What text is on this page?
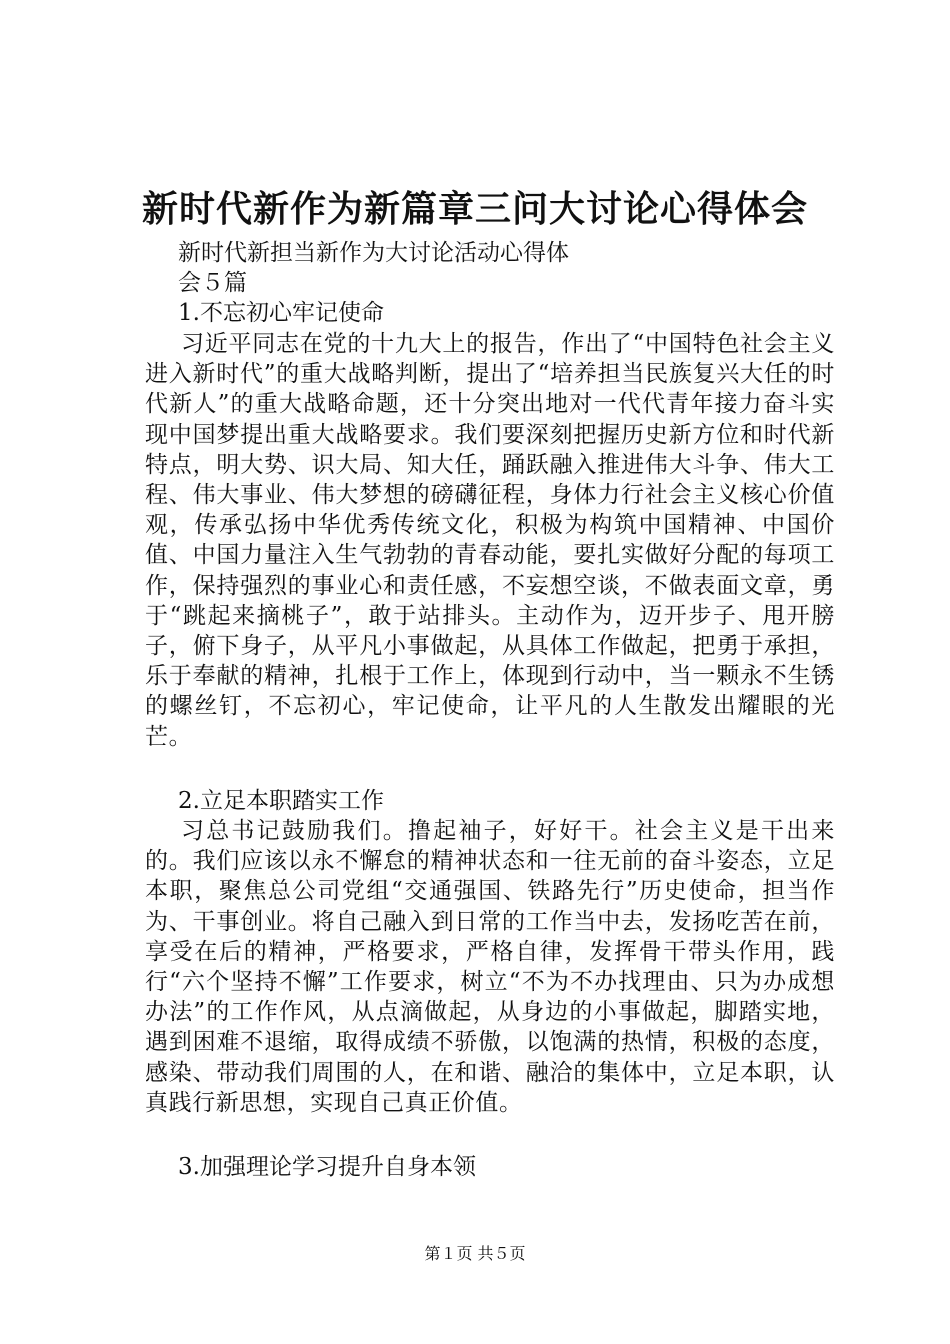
新时代新作为新篇章三问大讨论心得体会
新时代新担当新作为大讨论活动心得体
会５篇
1.不忘初心牢记使命
习近平同志在党的十九大上的报告，作出了“中国特色社会主义进入新时代”的重大战略判断，提出了“培养担当民族复兴大任的时代新人”的重大战略命题，还十分突出地对一代代青年接力奋斗实现中国梦提出重大战略要求。我们要深刻把握历史新方位和时代新特点，明大势、识大局、知大任，踊跃融入推进伟大斗争、伟大工程、伟大事业、伟大梦想的磅礴征程，身体力行社会主义核心价值观，传承弘扬中华优秀传统文化，积极为构筑中国精神、中国价值、中国力量注入生气勃勃的青春动能，要扎实做好分配的每项工作，保持强烈的事业心和责任感，不妄想空谈，不做表面文章，勇于“跳起来摘桃子”，敢于站排头。主动作为，迈开步子、甩开膀子，俯下身子，从平凡小事做起，从具体工作做起，把勇于承担，乐于奉献的精神，扎根于工作上，体现到行动中，当一颗永不生锈的螺丝钉，不忘初心，牢记使命，让平凡的人生散发出耀眼的光芒。
2.立足本职踏实工作
习总书记鼓励我们。撸起袖子，好好干。社会主义是干出来的。我们应该以永不懈怠的精神状态和一往无前的奋斗姿态，立足本职，聚焦总公司党组“交通强国、铁路先行”历史使命，担当作为、干事创业。将自己融入到日常的工作当中去，发扬吃苦在前，享受在后的精神，严格要求，严格自律，发挥骨干带头作用，践行“六个坚持不懈”工作要求，树立“不为不办找理由、只为办成想办法”的工作作风，从点滴做起，从身边的小事做起，脚踏实地，遇到困难不退缩，取得成绩不骄傲，以饱满的热情，积极的态度，感染、带动我们周围的人，在和谐、融洽的集体中，立足本职，认真践行新思想，实现自己真正价值。
3.加强理论学习提升自身本领
第１页 共５页
